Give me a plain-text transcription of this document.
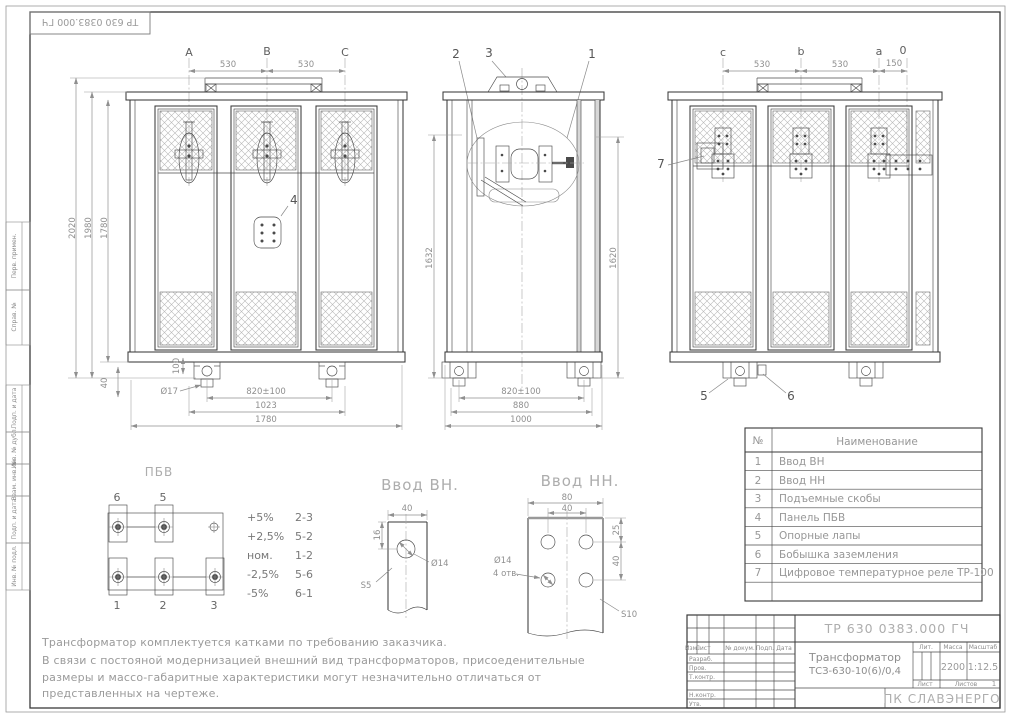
ТР 630 0383.000 ГЧ
Перв. примен.
Справ. №
Подп. и дата
Инв. № дубл.
Взам. инв. №
Подп. и дата
Инв. № подл.
A	B	C
530	530
4
2020 1980 1780
100
40
Ø17	820±100
1023
1780
2 3	1
1632	1620
820±100
880
1000
c	b	a 0
530	530	150
7
5	6
ПБВ
6	5
1	2	3
+5% 2-3
+2,5% 5-2
ном. 1-2
-2,5% 5-6
-5% 6-1
Ввод ВН.
40
16
Ø14
S5
Ввод НН.
80
40
25
40
Ø14
4 отв.
S10
№	Наименование
1 Ввод ВН
2 Ввод НН
3 Подъемные скобы
4 Панель ПБВ
5 Опорные лапы
6 Бобышка заземления
7 Цифровое температурное реле ТР-100
Трансформатор комплектуется катками по требованию заказчика.
В связи с постояной модернизацией внешний вид трансформаторов, присоеденительные
размеры и массо-габаритные характеристики могут незначительно отличаться от
представленных на чертеже.
Изм.
Лист № докум. Подп. Дата
Разраб.
Пров.
Т.контр.
Н.контр.
Утв.
ТР 630 0383.000 ГЧ
Трансформатор
ТСЗ-630-10(6)/0,4
Лит. Масса Масштаб
2200 1:12.5
Лист	Листов 1
ПК СЛАВЭНЕРГО
